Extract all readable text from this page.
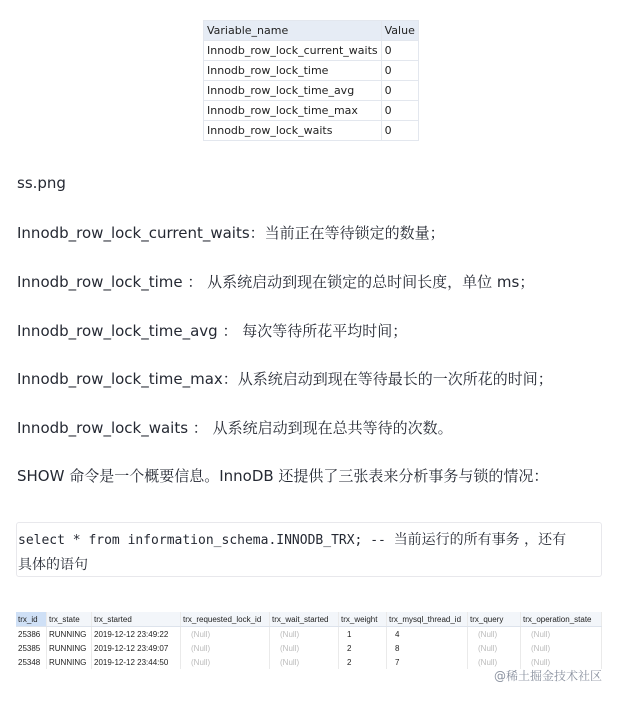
Variable_name	Value
Innodb_row_lock_current_waits	0
Innodb_row_lock_time	0
Innodb_row_lock_time_avg	0
Innodb_row_lock_time_max	0
Innodb_row_lock_waits	0
ss.png
Innodb_row_lock_current_waits：当前正在等待锁定的数量；
Innodb_row_lock_time ： 从系统启动到现在锁定的总时间长度，单位 ms；
Innodb_row_lock_time_avg ： 每次等待所花平均时间；
Innodb_row_lock_time_max：从系统启动到现在等待最长的一次所花的时间；
Innodb_row_lock_waits ： 从系统启动到现在总共等待的次数。
SHOW 命令是一个概要信息。InnoDB 还提供了三张表来分析事务与锁的情况：
select * from information_schema.INNODB_TRX; -- 当前运行的所有事务 ，还有
具体的语句
trx_id	trx_state	trx_started	trx_requested_lock_id	trx_wait_started	trx_weight	trx_mysql_thread_id	trx_query	trx_operation_state
25386	RUNNING	2019-12-12 23:49:22	(Null)	(Null)	1	4	(Null)	(Null)
25385	RUNNING	2019-12-12 23:49:07	(Null)	(Null)	2	8	(Null)	(Null)
25348	RUNNING	2019-12-12 23:44:50	(Null)	(Null)	2	7	(Null)	(Null)
@稀土掘金技术社区
